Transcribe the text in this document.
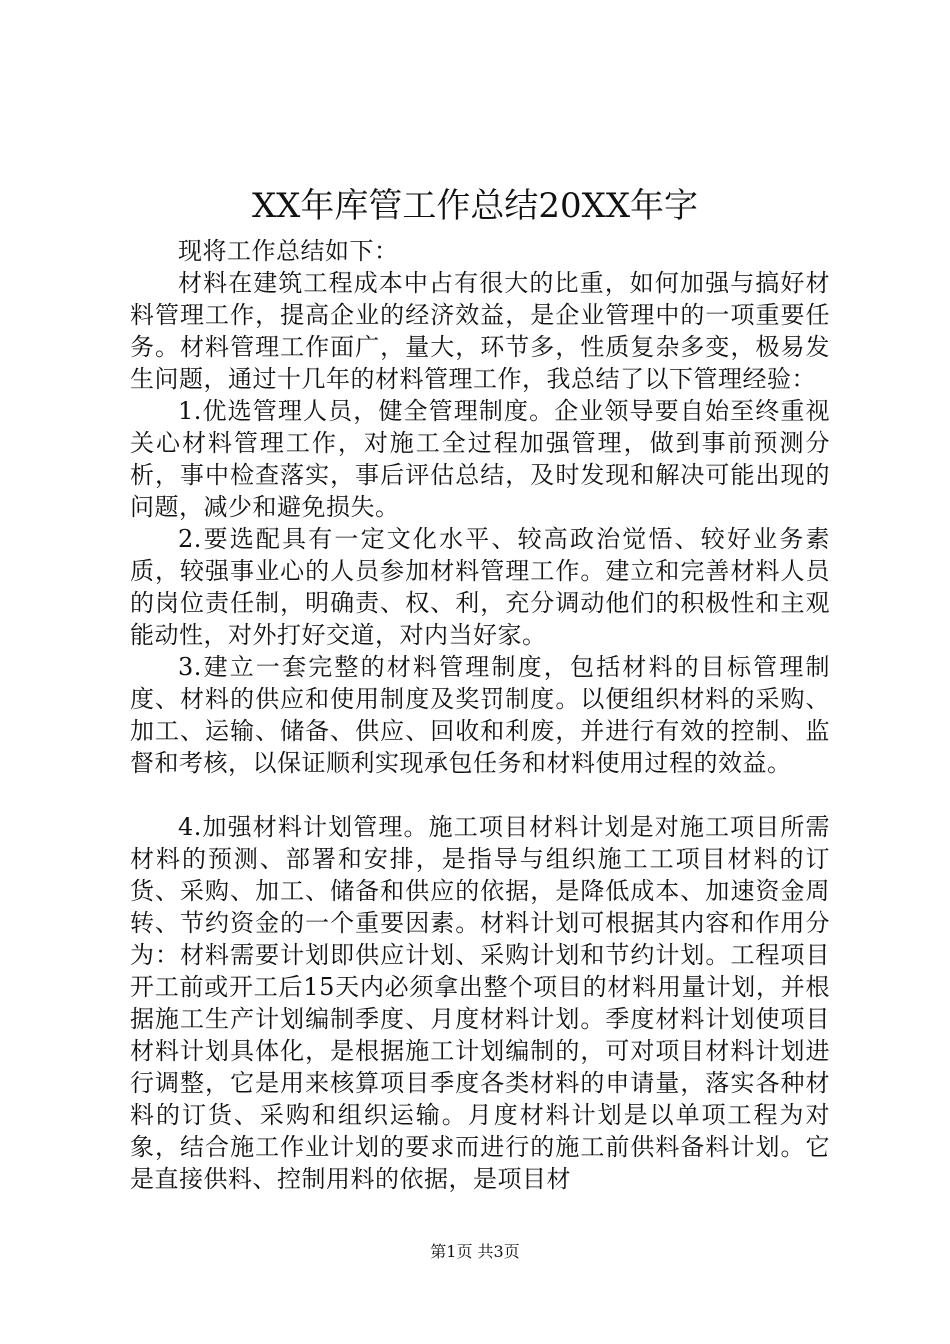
XX年库管工作总结20XX年字

现将工作总结如下：

材料在建筑工程成本中占有很大的比重，如何加强与搞好材料管理工作，提高企业的经济效益，是企业管理中的一项重要任务。材料管理工作面广，量大，环节多，性质复杂多变，极易发生问题，通过十几年的材料管理工作，我总结了以下管理经验：

1.优选管理人员，健全管理制度。企业领导要自始至终重视关心材料管理工作，对施工全过程加强管理，做到事前预测分析，事中检查落实，事后评估总结，及时发现和解决可能出现的问题，减少和避免损失。

2.要选配具有一定文化水平、较高政治觉悟、较好业务素质，较强事业心的人员参加材料管理工作。建立和完善材料人员的岗位责任制，明确责、权、利，充分调动他们的积极性和主观能动性，对外打好交道，对内当好家。

3.建立一套完整的材料管理制度，包括材料的目标管理制度、材料的供应和使用制度及奖罚制度。以便组织材料的采购、加工、运输、储备、供应、回收和利废，并进行有效的控制、监督和考核，以保证顺利实现承包任务和材料使用过程的效益。

4.加强材料计划管理。施工项目材料计划是对施工项目所需材料的预测、部署和安排，是指导与组织施工工项目材料的订货、采购、加工、储备和供应的依据，是降低成本、加速资金周转、节约资金的一个重要因素。材料计划可根据其内容和作用分为：材料需要计划即供应计划、采购计划和节约计划。工程项目开工前或开工后15天内必须拿出整个项目的材料用量计划，并根据施工生产计划编制季度、月度材料计划。季度材料计划使项目材料计划具体化，是根据施工计划编制的，可对项目材料计划进行调整，它是用来核算项目季度各类材料的申请量，落实各种材料的订货、采购和组织运输。月度材料计划是以单项工程为对象，结合施工作业计划的要求而进行的施工前供料备料计划。它是直接供料、控制用料的依据，是项目材

第1页 共3页
